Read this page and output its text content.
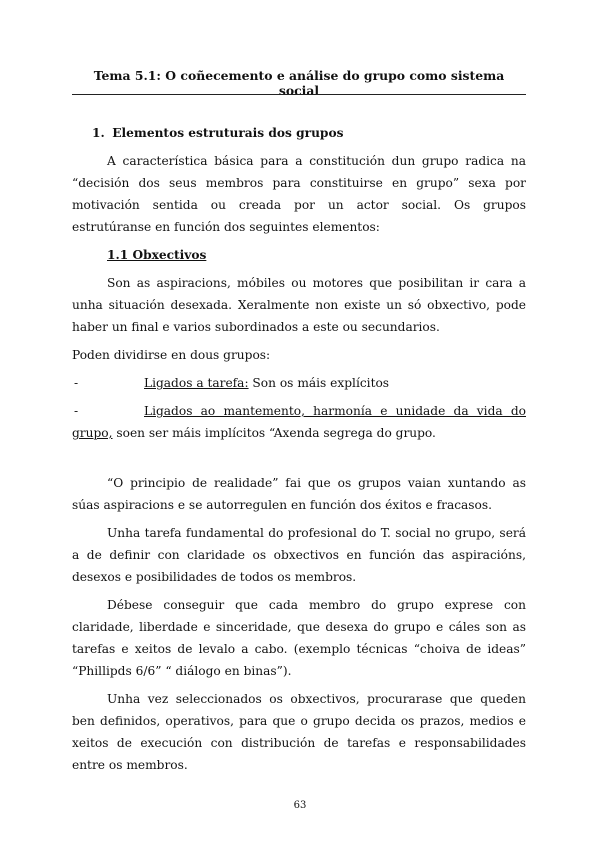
Tema 5.1: O coñecemento e análise do grupo como sistema social
1. Elementos estruturais dos grupos

A característica básica para a constitución dun grupo radica na “decisión dos seus membros para constituirse en grupo” sexa por motivación sentida ou creada por un actor social. Os grupos estrutúranse en función dos seguintes elementos:

1.1 Obxectivos

Son as aspiracions, móbiles ou motores que posibilitan ir cara a unha situación desexada. Xeralmente non existe un só obxectivo, pode haber un final e varios subordinados a este ou secundarios.

Poden dividirse en dous grupos:

-	Ligados a tarefa: Son os máis explícitos
-	Ligados ao mantemento, harmonía e unidade da vida do grupo, soen ser máis implícitos “Axenda segrega do grupo.

“O principio de realidade” fai que os grupos vaian xuntando as súas aspiracions e se autorregulen en función dos éxitos e fracasos.

Unha tarefa fundamental do profesional do T. social no grupo, será a de definir con claridade os obxectivos en función das aspiracións, desexos e posibilidades de todos os membros.

Débese conseguir que cada membro do grupo exprese con claridade, liberdade e sinceridade, que desexa do grupo e cáles son as tarefas e xeitos de levalo a cabo. (exemplo técnicas “choiva de ideas” “Phillipds 6/6” “ diálogo en binas”).

Unha vez seleccionados os obxectivos, procurarase que queden ben definidos, operativos, para que o grupo decida os prazos, medios e xeitos de execución con distribución de tarefas e responsabilidades entre os membros.

63
